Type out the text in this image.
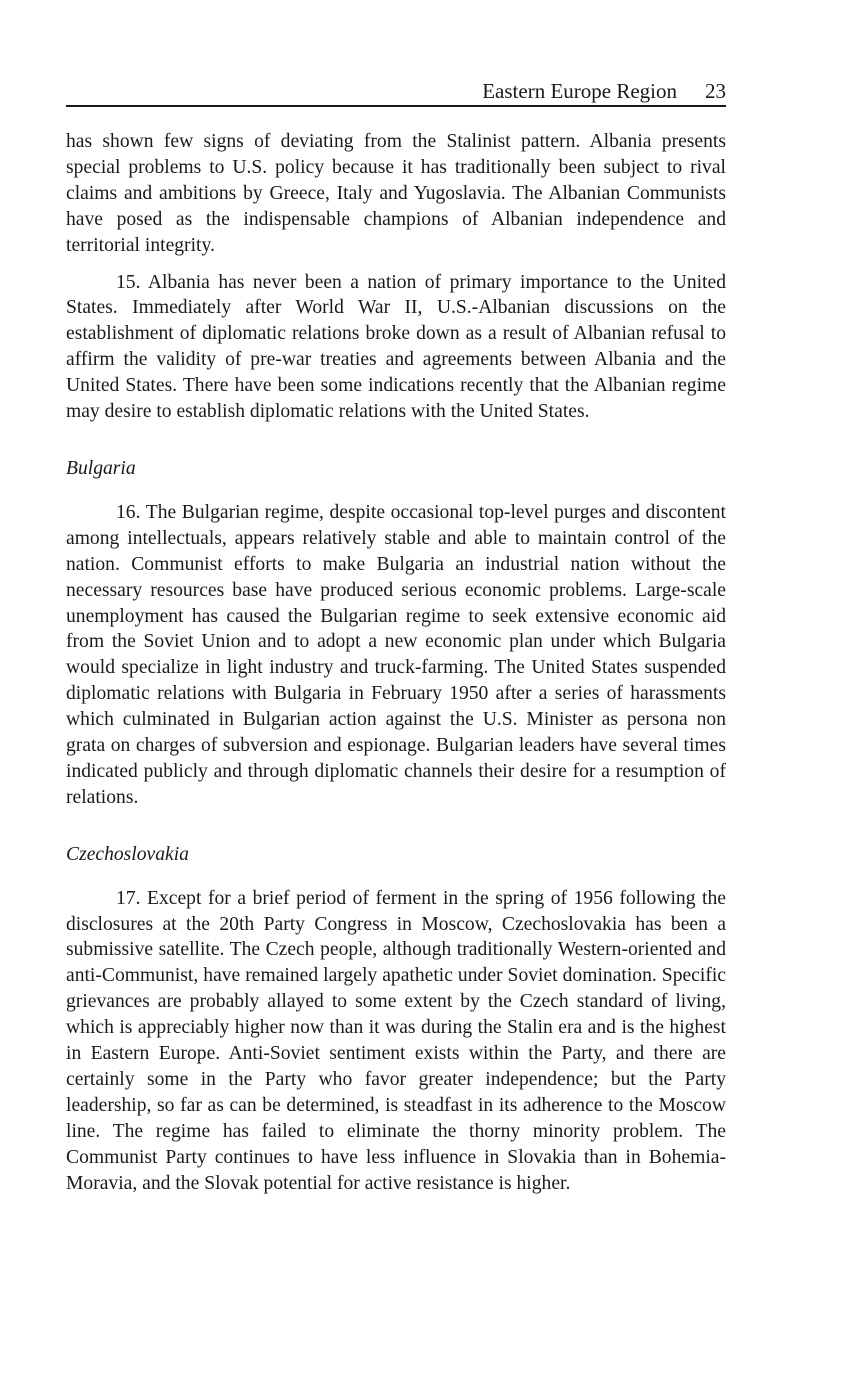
Eastern Europe Region 23

has shown few signs of deviating from the Stalinist pattern. Albania presents special problems to U.S. policy because it has traditionally been subject to rival claims and ambitions by Greece, Italy and Yugoslavia. The Albanian Communists have posed as the indispensable champions of Albanian independence and territorial integrity.

15. Albania has never been a nation of primary importance to the United States. Immediately after World War II, U.S.-Albanian discussions on the establishment of diplomatic relations broke down as a result of Albanian refusal to affirm the validity of pre-war treaties and agreements between Albania and the United States. There have been some indications recently that the Albanian regime may desire to establish diplomatic relations with the United States.

Bulgaria

16. The Bulgarian regime, despite occasional top-level purges and discontent among intellectuals, appears relatively stable and able to maintain control of the nation. Communist efforts to make Bulgaria an industrial nation without the necessary resources base have produced serious economic problems. Large-scale unemployment has caused the Bulgarian regime to seek extensive economic aid from the Soviet Union and to adopt a new economic plan under which Bulgaria would specialize in light industry and truck-farming. The United States suspended diplomatic relations with Bulgaria in February 1950 after a series of harassments which culminated in Bulgarian action against the U.S. Minister as persona non grata on charges of subversion and espionage. Bulgarian leaders have several times indicated publicly and through diplomatic channels their desire for a resumption of relations.

Czechoslovakia

17. Except for a brief period of ferment in the spring of 1956 following the disclosures at the 20th Party Congress in Moscow, Czechoslovakia has been a submissive satellite. The Czech people, although traditionally Western-oriented and anti-Communist, have remained largely apathetic under Soviet domination. Specific grievances are probably allayed to some extent by the Czech standard of living, which is appreciably higher now than it was during the Stalin era and is the highest in Eastern Europe. Anti-Soviet sentiment exists within the Party, and there are certainly some in the Party who favor greater independence; but the Party leadership, so far as can be determined, is steadfast in its adherence to the Moscow line. The regime has failed to eliminate the thorny minority problem. The Communist Party continues to have less influence in Slovakia than in Bohemia-Moravia, and the Slovak potential for active resistance is higher.
